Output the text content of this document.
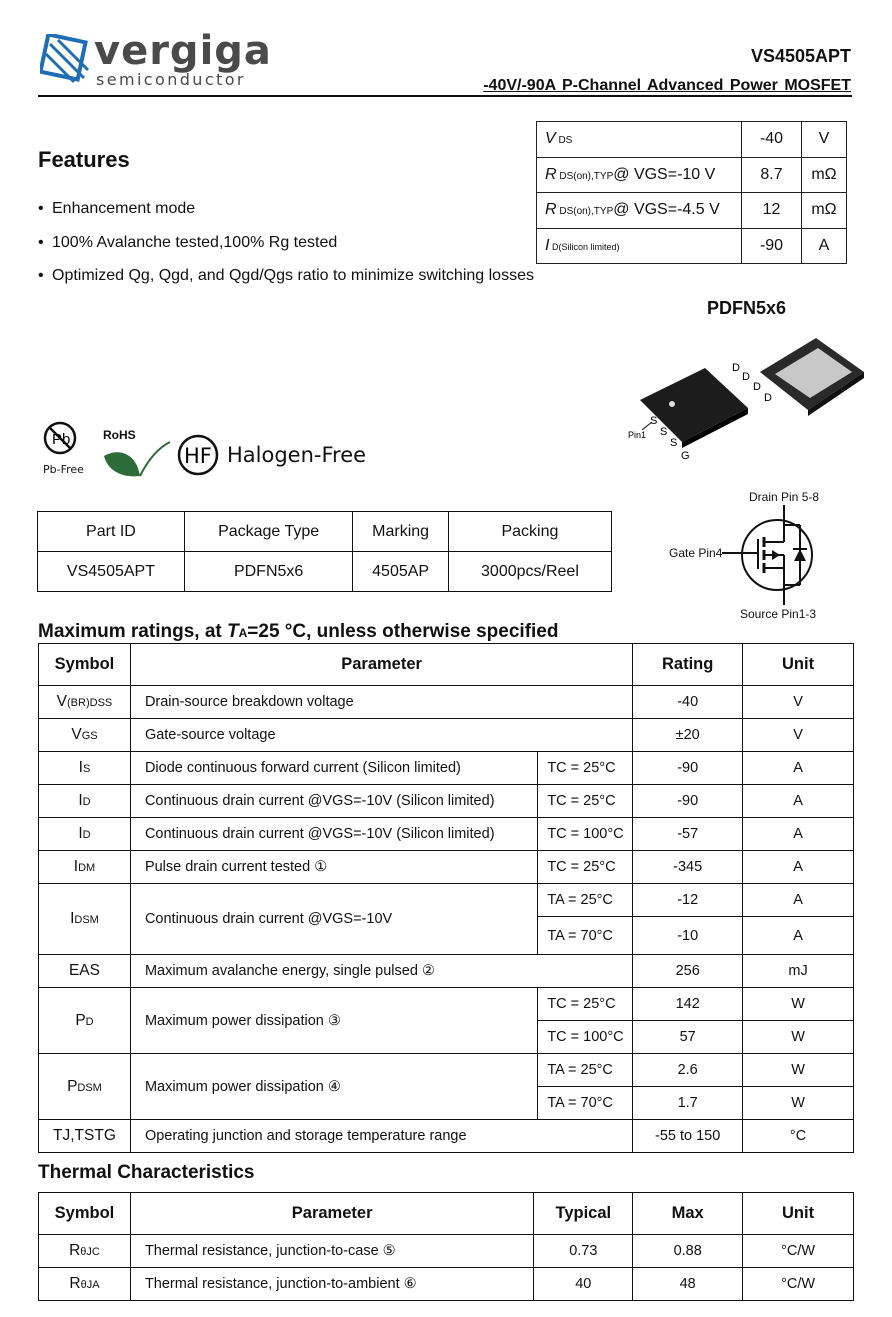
vergiga
semiconductor
VS4505APT
-40V/-90A P-Channel Advanced Power MOSFET
Features
• Enhancement mode
• 100% Avalanche tested,100% Rg tested
• Optimized Qg, Qgd, and Qgd/Qgs ratio to minimize switching losses
V DS	-40	V
R DS(on),TYP@ VGS=-10 V	8.7	mΩ
R DS(on),TYP@ VGS=-4.5 V	12	mΩ
I D(Silicon limited)	-90	A
PDFN5x6
D
D
D
D
S
S
S
G
Pin1
Pb
Pb-Free
RoHS
HF Halogen-Free
Part ID	Package Type	Marking	Packing
VS4505APT	PDFN5x6	4505AP	3000pcs/Reel
Drain Pin 5-8
Gate Pin4
Source Pin1-3
Maximum ratings, at TA=25 °C, unless otherwise specified
Symbol	Parameter		Rating	Unit
V(BR)DSS	Drain-source breakdown voltage		-40	V
VGS	Gate-source voltage		±20	V
IS	Diode continuous forward current (Silicon limited)	TC = 25°C	-90	A
ID	Continuous drain current @VGS=-10V (Silicon limited)	TC = 25°C	-90	A
ID	Continuous drain current @VGS=-10V (Silicon limited)	TC = 100°C	-57	A
IDM	Pulse drain current tested ①	TC = 25°C	-345	A
IDSM	Continuous drain current @VGS=-10V	TA = 25°C	-12	A
		TA = 70°C	-10	A
EAS	Maximum avalanche energy, single pulsed ②		256	mJ
PD	Maximum power dissipation ③	TC = 25°C	142	W
		TC = 100°C	57	W
PDSM	Maximum power dissipation ④	TA = 25°C	2.6	W
		TA = 70°C	1.7	W
TJ,TSTG	Operating junction and storage temperature range		-55 to 150	°C
Thermal Characteristics
Symbol	Parameter	Typical	Max	Unit
RθJC	Thermal resistance, junction-to-case ⑤	0.73	0.88	°C/W
RθJA	Thermal resistance, junction-to-ambient ⑥	40	48	°C/W
